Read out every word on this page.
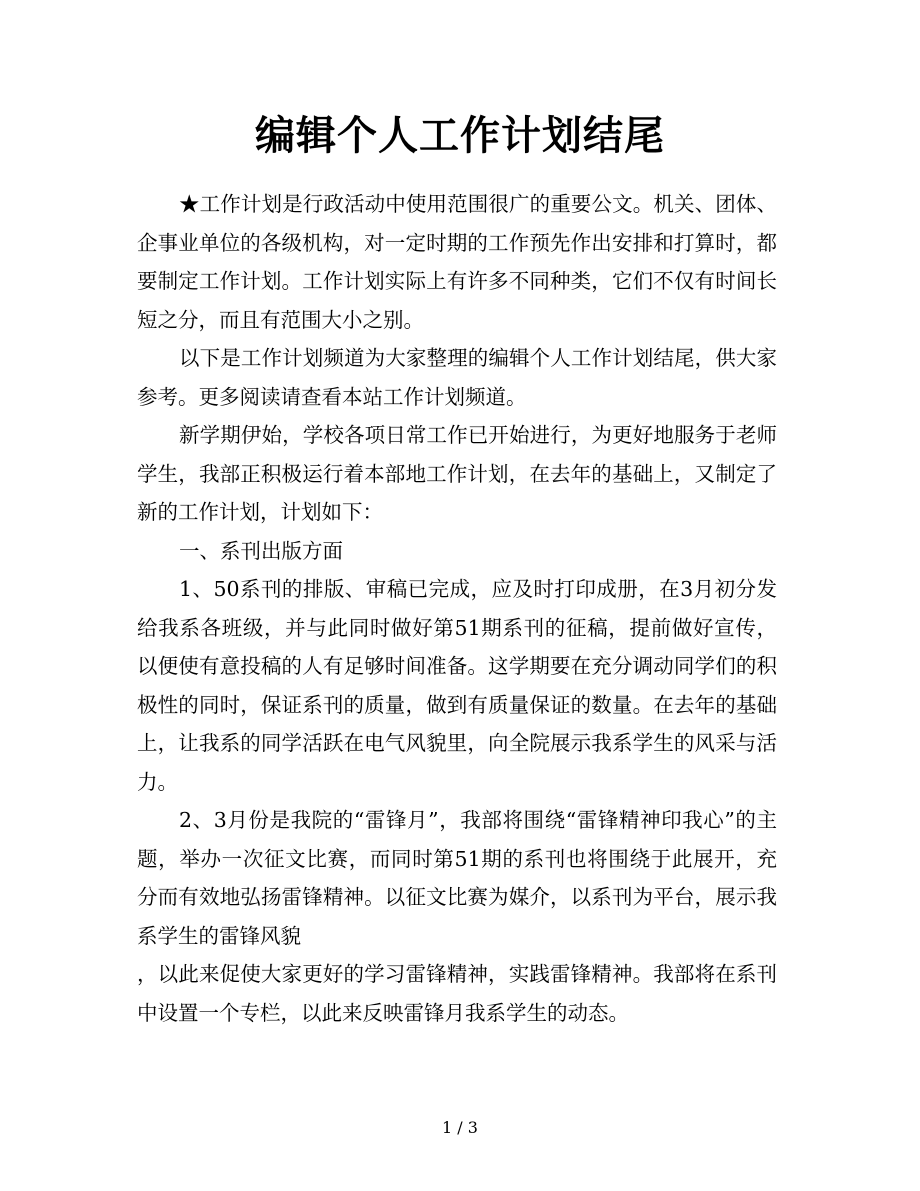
编辑个人工作计划结尾

★工作计划是行政活动中使用范围很广的重要公文。机关、团体、企事业单位的各级机构，对一定时期的工作预先作出安排和打算时，都要制定工作计划。工作计划实际上有许多不同种类，它们不仅有时间长短之分，而且有范围大小之别。

以下是工作计划频道为大家整理的编辑个人工作计划结尾，供大家参考。更多阅读请查看本站工作计划频道。

新学期伊始，学校各项日常工作已开始进行，为更好地服务于老师学生，我部正积极运行着本部地工作计划，在去年的基础上，又制定了新的工作计划，计划如下：

一、系刊出版方面

1、50系刊的排版、审稿已完成，应及时打印成册，在3月初分发给我系各班级，并与此同时做好第51期系刊的征稿，提前做好宣传，以便使有意投稿的人有足够时间准备。这学期要在充分调动同学们的积极性的同时，保证系刊的质量，做到有质量保证的数量。在去年的基础上，让我系的同学活跃在电气风貌里，向全院展示我系学生的风采与活力。

2、3月份是我院的“雷锋月”，我部将围绕“雷锋精神印我心”的主题，举办一次征文比赛，而同时第51期的系刊也将围绕于此展开，充分而有效地弘扬雷锋精神。以征文比赛为媒介，以系刊为平台，展示我系学生的雷锋风貌

，以此来促使大家更好的学习雷锋精神，实践雷锋精神。我部将在系刊中设置一个专栏，以此来反映雷锋月我系学生的动态。

1 / 3
